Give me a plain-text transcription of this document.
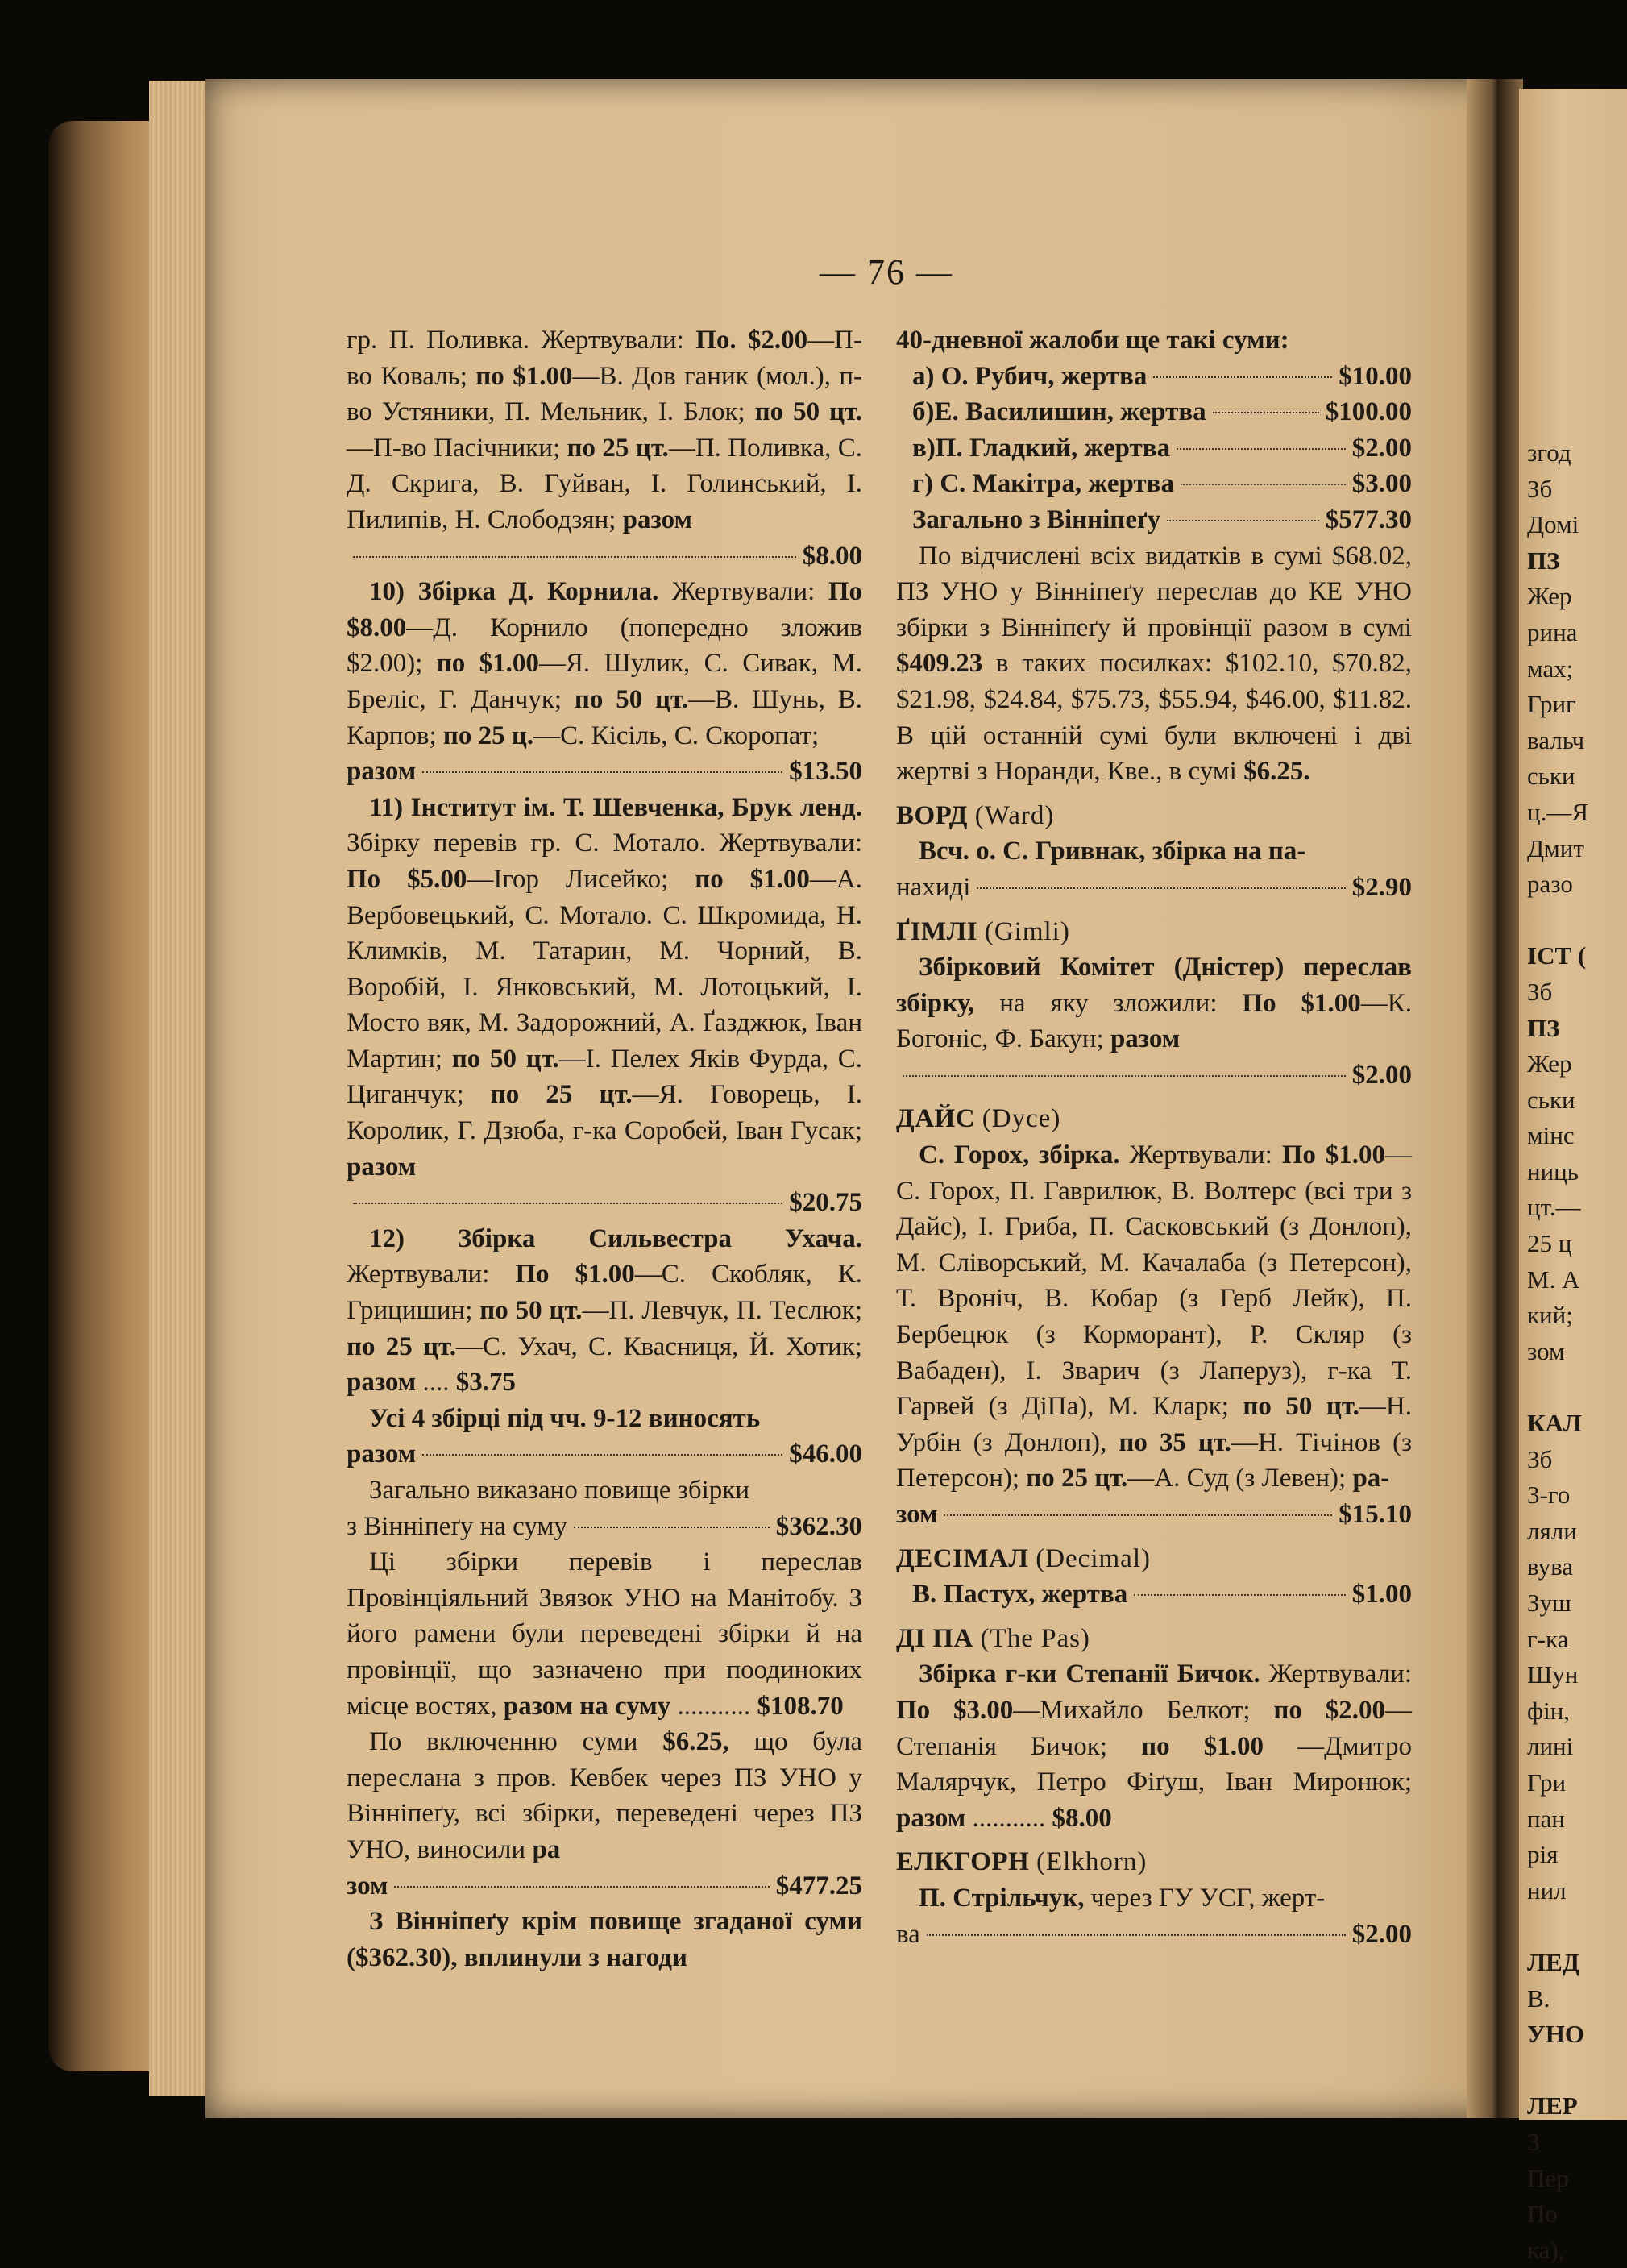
згод
Зб
Домі
ПЗ
Жер
рина
мах;
Григ
вальч
ськи
ц.—Я
Дмит
разо

ІСТ (
Зб
ПЗ
Жер
ськи
мінс
ниць
цт.—
25 ц
М. А
кий;
зом

КАЛ
3б
3-го
ляли
вува
Зуш
г-ка
Шун
фін,
лині
Гри
пан
рія
нил

ЛЕД
В.
УНО

ЛЕР
3
Пер
По
ка),
— 76 —

гр. П. Поливка. Жертвували: По. $2.00—П-во Коваль; по $1.00—В. Дов ганик (мол.), п-во Устяники, П. Мельник, І. Блок; по 50 цт.—П-во Пасічники; по 25 цт.—П. Поливка, С. Д. Скрига, В. Гуйван, І. Голинський, І. Пилипів, Н. Слободзян; разом

$8.00

10) Збірка Д. Корнила. Жертвували: По $8.00—Д. Корнило (попередно зложив $2.00); по $1.00—Я. Шулик, С. Сивак, М. Бреліс, Г. Данчук; по 50 цт.—В. Шунь, В. Карпов; по 25 ц.—С. Кісіль, С. Скоропат;

разом	$13.50

11) Інститут ім. Т. Шевченка, Брук ленд. Збірку перевів гр. С. Мотало. Жертвували: По $5.00—Ігор Лисейко; по $1.00—А. Вербовецький, С. Мотало. С. Шкромида, Н. Климків, М. Татарин, М. Чорний, В. Воробій, І. Янковський, М. Лотоцький, І. Мосто вяк, М. Задорожний, А. Ґазджюк, Іван Мартин; по 50 цт.—І. Пелех Яків Фурда, С. Циганчук; по 25 цт.—Я. Говорець, І. Королик, Г. Дзюба, г-ка Соробей, Іван Гусак; разом

$20.75

12) Збірка Сильвестра Ухача. Жертвували: По $1.00—С. Скобляк, К. Грицишин; по 50 цт.—П. Левчук, П. Теслюк; по 25 цт.—С. Ухач, С. Квасниця, Й. Хотик; разом .... $3.75

Усі 4 збірці під чч. 9-12 виносять

разом	$46.00

Загально виказано повище збірки

з Вінніпеґу на суму	$362.30

Ці збірки перевів і переслав Провінціяльний Звязок УНО на Манітобу. З його рамени були переведені збірки й на провінції, що зазначено при поодиноких місце востях, разом на суму ........... $108.70

По включенню суми $6.25, що була переслана з пров. Кевбек через ПЗ УНО у Вінніпеґу, всі збірки, переведені через ПЗ УНО, виносили ра

зом	$477.25

З Вінніпеґу крім повище згаданої суми ($362.30), вплинули з нагоди

40-дневної жалоби ще такі суми:

а) О. Рубич, жертва	$10.00
б)Е. Василишин, жертва	$100.00
в)П. Гладкий, жертва	$2.00
г) С. Макітра, жертва	$3.00
Загально з Вінніпеґу	$577.30

По відчислені всіх видатків в сумі $68.02, ПЗ УНО у Вінніпеґу переслав до КЕ УНО збірки з Вінніпеґу й провінції разом в сумі $409.23 в таких посилках: $102.10, $70.82, $21.98, $24.84, $75.73, $55.94, $46.00, $11.82. В цій останній сумі були включені і дві жертві з Норанди, Кве., в сумі $6.25.

ВОРД (Ward)

Всч. о. С. Гривнак, збірка на па-

нахиді	$2.90
ҐІМЛІ (Gimli)

Збірковий Комітет (Дністер) переслав збірку, на яку зложили: По $1.00—К. Богоніс, Ф. Бакун; разом

$2.00
ДАЙС (Dyce)

С. Горох, збірка. Жертвували: По $1.00—С. Горох, П. Гаврилюк, В. Волтерс (всі три з Дайс), І. Гриба, П. Сасковський (з Донлоп), М. Сліворський, М. Качалаба (з Петерсон), Т. Вроніч, В. Кобар (з Герб Лейк), П. Бербецюк (з Корморант), Р. Скляр (з Вабаден), І. Зварич (з Лаперуз), г-ка Т. Гарвей (з ДіПа), М. Кларк; по 50 цт.—Н. Урбін (з Донлоп), по 35 цт.—Н. Тічінов (з Петерсон); по 25 цт.—А. Суд (з Левен); ра-

зом	$15.10
ДЕСІМАЛ (Decimal)
В. Пастух, жертва	$1.00
ДІ ПА (The Pas)

Збірка г-ки Степанії Бичок. Жертвували: По $3.00—Михайло Белкот; по $2.00—Степанія Бичок; по $1.00 —Дмитро Малярчук, Петро Фіґуш, Іван Миронюк; разом ........... $8.00

ЕЛКГОРН (Elkhorn)

П. Стрільчук, через ГУ УСГ, жерт-

ва	$2.00
